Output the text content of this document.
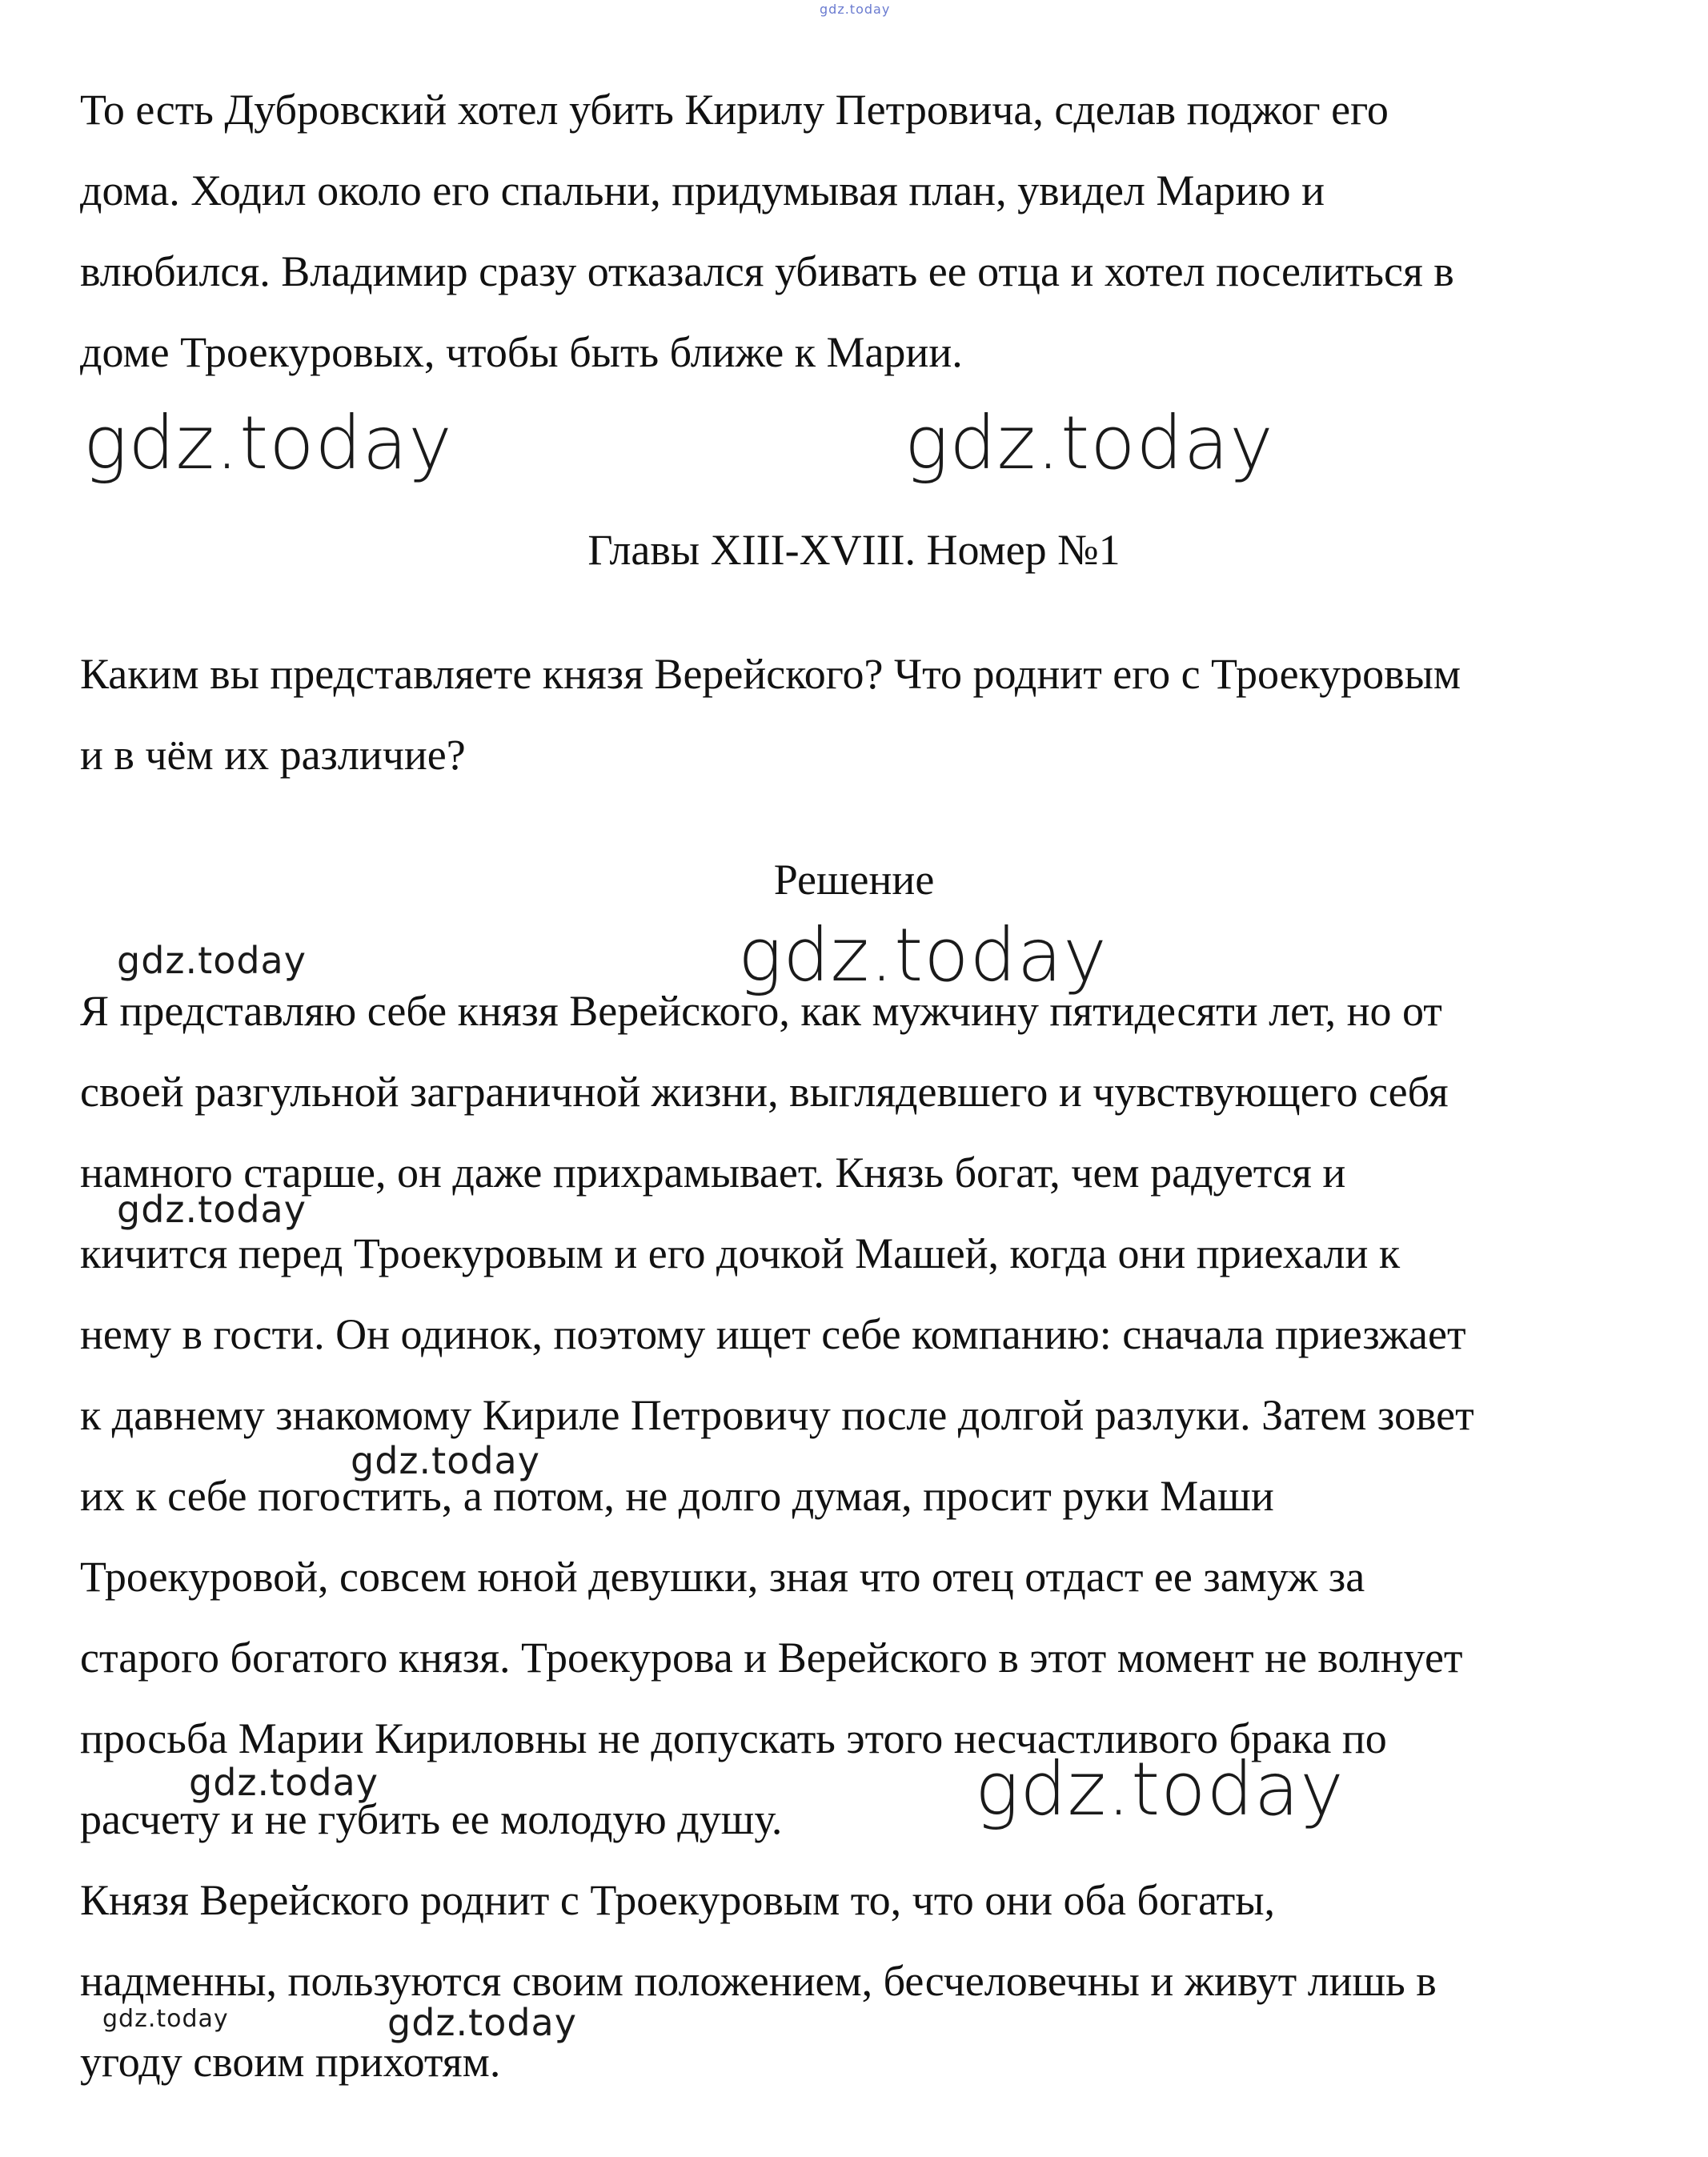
gdz.today
То есть Дубровский хотел убить Кирилу Петровича, сделав поджог его
дома. Ходил около его спальни, придумывая план, увидел Марию и
влюбился. Владимир сразу отказался убивать ее отца и хотел поселиться в
доме Троекуровых, чтобы быть ближе к Марии.
gdz.today	gdz.today
Главы XIII-XVIII. Номер №1
Каким вы представляете князя Верейского? Что роднит его с Троекуровым
и в чём их различие?
Решение
gdz.today	gdz.today
Я представляю себе князя Верейского, как мужчину пятидесяти лет, но от
своей разгульной заграничной жизни, выглядевшего и чувствующего себя
намного старше, он даже прихрамывает. Князь богат, чем радуется и
кичится перед Троекуровым и его дочкой Машей, когда они приехали к
нему в гости. Он одинок, поэтому ищет себе компанию: сначала приезжает
к давнему знакомому Кириле Петровичу после долгой разлуки. Затем зовет
их к себе погостить, а потом, не долго думая, просит руки Маши
Троекуровой, совсем юной девушки, зная что отец отдаст ее замуж за
старого богатого князя. Троекурова и Верейского в этот момент не волнует
просьба Марии Кириловны не допускать этого несчастливого брака по
расчету и не губить ее молодую душу.
Князя Верейского роднит с Троекуровым то, что они оба богаты,
надменны, пользуются своим положением, бесчеловечны и живут лишь в
угоду своим прихотям.
gdz.today
gdz.today
gdz.today	gdz.today
gdz.today	gdz.today
